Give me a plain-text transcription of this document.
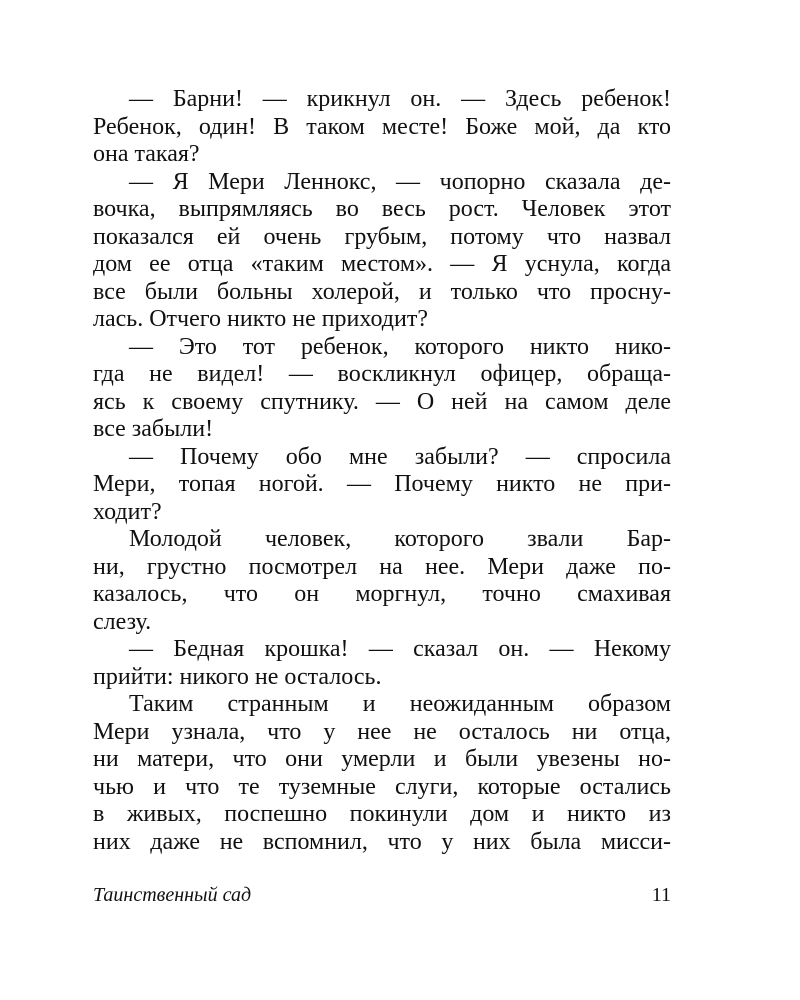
— Барни! — крикнул он. — Здесь ребенок!
Ребенок, один! В таком месте! Боже мой, да кто
она такая?
— Я Мери Леннокс, — чопорно сказала де-
вочка, выпрямляясь во весь рост. Человек этот
показался ей очень грубым, потому что назвал
дом ее отца «таким местом». — Я уснула, когда
все были больны холерой, и только что просну-
лась. Отчего никто не приходит?
— Это тот ребенок, которого никто нико-
гда не видел! — воскликнул офицер, обраща-
ясь к своему спутнику. — О ней на самом деле
все забыли!
— Почему обо мне забыли? — спросила
Мери, топая ногой. — Почему никто не при-
ходит?
Молодой человек, которого звали Бар-
ни, грустно посмотрел на нее. Мери даже по-
казалось, что он моргнул, точно смахивая
слезу.
— Бедная крошка! — сказал он. — Некому
прийти: никого не осталось.
Таким странным и неожиданным образом
Мери узнала, что у нее не осталось ни отца,
ни матери, что они умерли и были увезены но-
чью и что те туземные слуги, которые остались
в живых, поспешно покинули дом и никто из
них даже не вспомнил, что у них была мисси-
Таинственный сад	11
